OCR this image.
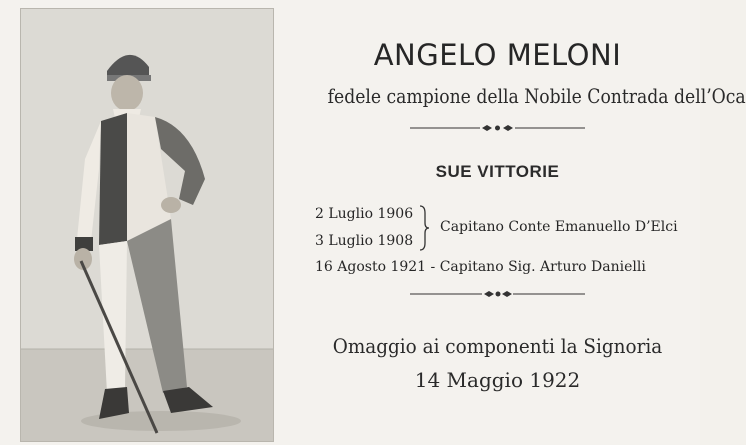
ANGELO MELONI
fedele campione della Nobile Contrada dell’Oca
SUE VITTORIE
2 Luglio 1906
3 Luglio 1908
Capitano Conte Emanuello D’Elci
16 Agosto 1921 - Capitano Sig. Arturo Danielli
Omaggio ai componenti la Signoria
14 Maggio 1922
